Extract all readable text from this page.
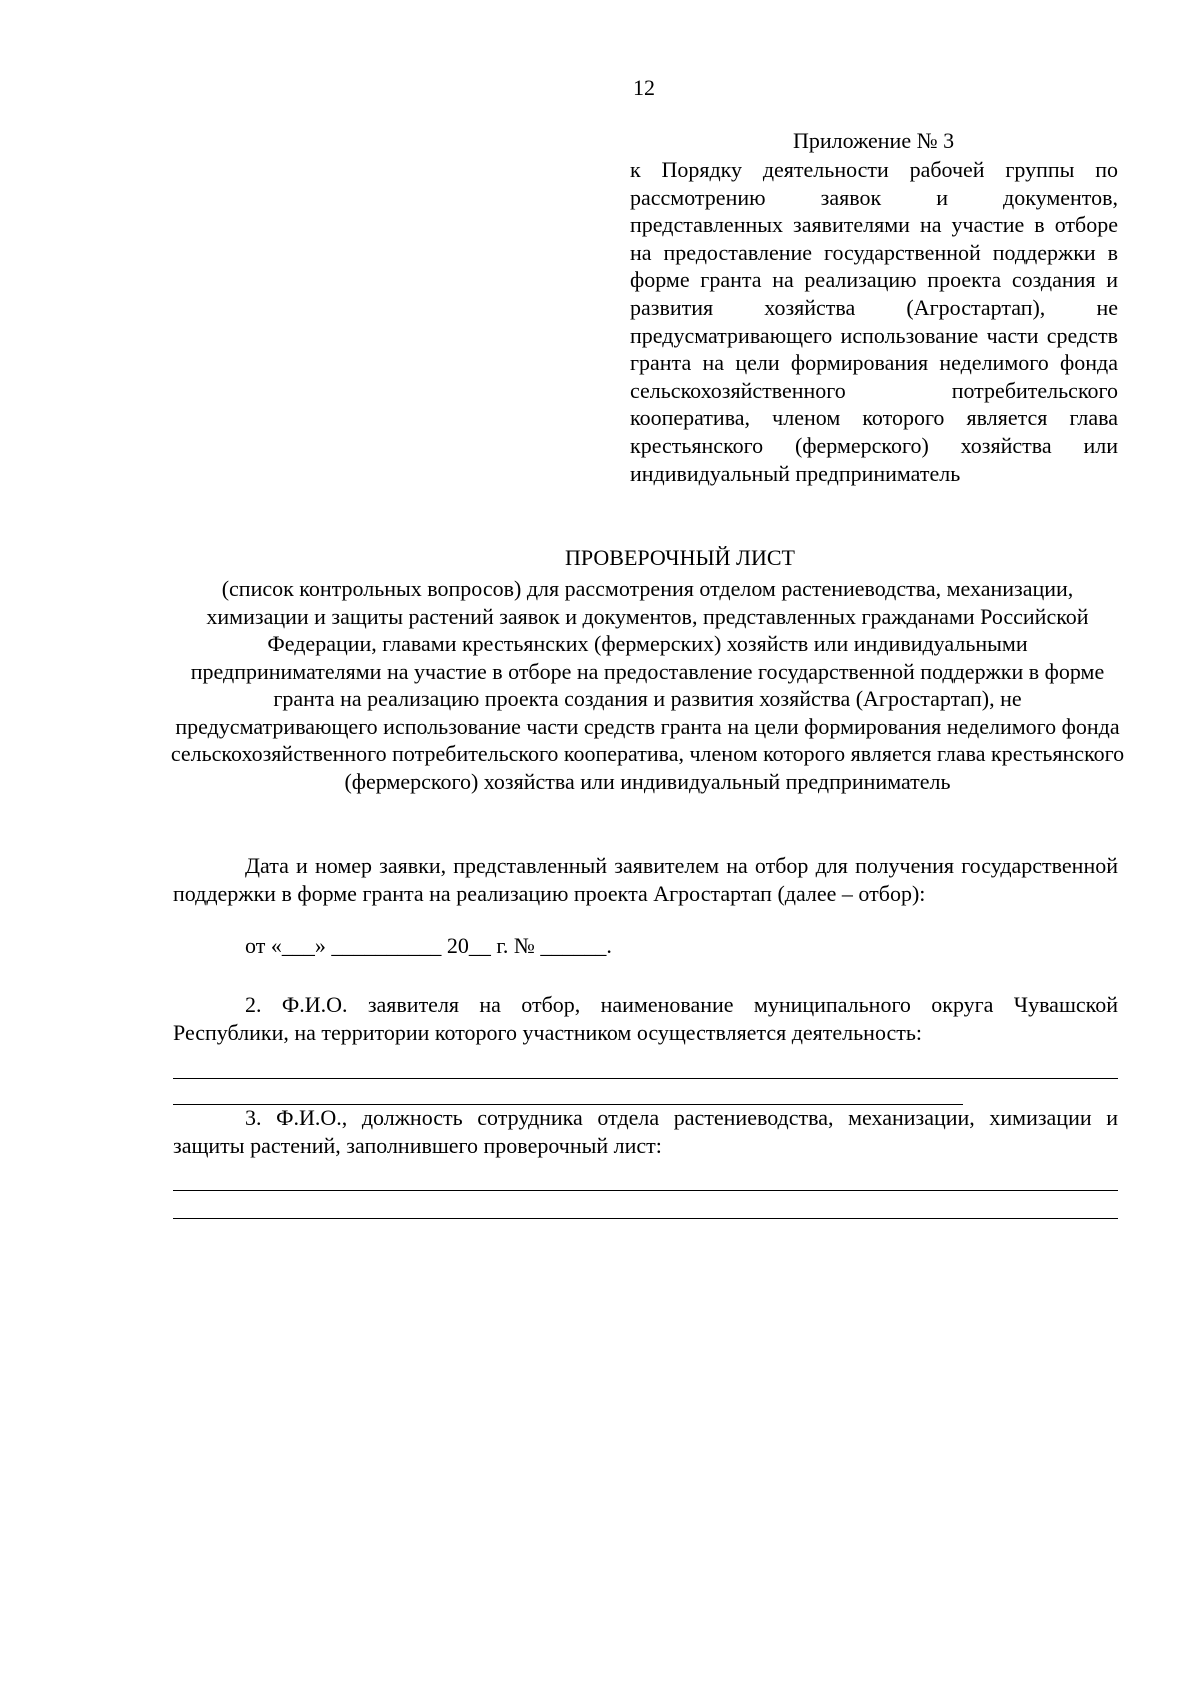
12
Приложение № 3
к Порядку деятельности рабочей группы по рассмотрению заявок и документов, представленных заявителями на участие в отборе на предоставление государственной поддержки в форме гранта на реализацию проекта создания и развития хозяйства (Агростартап), не предусматривающего использование части средств гранта на цели формирования неделимого фонда сельскохозяйственного потребительского кооператива, членом которого является глава крестьянского (фермерского) хозяйства или индивидуальный предприниматель
ПРОВЕРОЧНЫЙ ЛИСТ
(список контрольных вопросов) для рассмотрения отделом растениеводства, механизации, химизации и защиты растений заявок и документов, представленных гражданами Российской Федерации, главами крестьянских (фермерских) хозяйств или индивидуальными предпринимателями на участие в отборе на предоставление государственной поддержки в форме гранта на реализацию проекта создания и развития хозяйства (Агростартап), не предусматривающего использование части средств гранта на цели формирования неделимого фонда сельскохозяйственного потребительского кооператива, членом которого является глава крестьянского (фермерского) хозяйства или индивидуальный предприниматель
Дата и номер заявки, представленный заявителем на отбор для получения государственной поддержки в форме гранта на реализацию проекта Агростартап (далее – отбор):
от «___» __________ 20__ г. № ______.
2. Ф.И.О. заявителя на отбор, наименование муниципального округа Чувашской Республики, на территории которого участником осуществляется деятельность:
3. Ф.И.О., должность сотрудника отдела растениеводства, механизации, химизации и защиты растений, заполнившего проверочный лист:
